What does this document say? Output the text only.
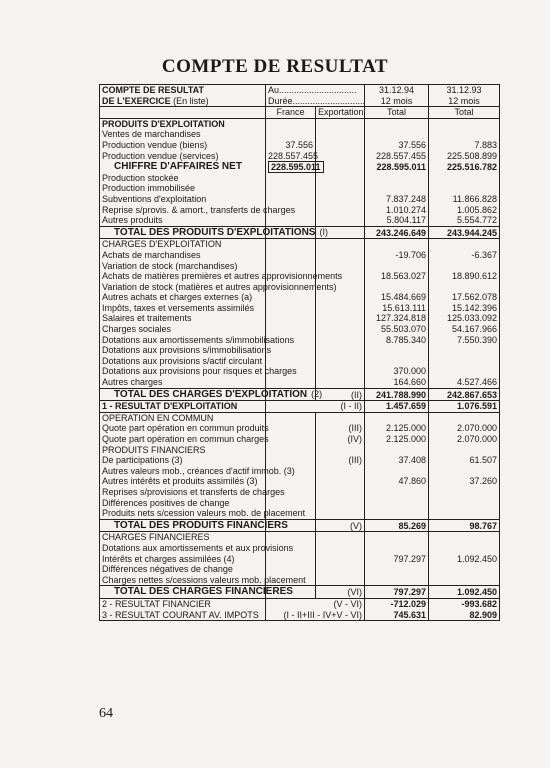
COMPTE DE RESULTAT
COMPTE DE RESULTAT	Au...............................		31.12.94	31.12.93
DE L'EXERCICE (En liste)	Durée.............................		12 mois	12 mois
	France	Exportation	Total	Total
PRODUITS D'EXPLOITATION				
Ventes de marchandises				
Production vendue (biens)	37.556		37.556	7.883
Production vendue (services)	228.557.455		228.557.455	225.508.899
CHIFFRE D'AFFAIRES NET	228.595.011		228.595.011	225.516.782
Production stockée				
Production immobilisée				
Subventions d'exploitation			7.837.248	11.866.828
Reprise s/provis. & amort., transferts de charges			1.010.274	1.005.862
Autres produits			5.804.117	5.554.772
TOTAL DES PRODUITS D'EXPLOITATIONS (I)			243.246.649	243.944.245
CHARGES D'EXPLOITATION				
Achats de marchandises			-19.706	-6.367
Variation de stock (marchandises)				
Achats de matières premières et autres approvisionnements			18.563.027	18.890.612
Variation de stock (matières et autres approvisionnements)				
Autres achats et charges externes (a)			15.484.669	17.562.078
Impôts, taxes et versements assimilés			15.613.111	15.142.396
Salaires et traitements			127.324.818	125.033.092
Charges sociales			55.503.070	54.167.966
Dotations aux amortissements s/immobilisations			8.785.340	7.550.390
Dotations aux provisions s/immobilisations				
Dotations aux provisions s/actif circulant				
Dotations aux provisions pour risques et charges			370.000	
Autres charges			164.660	4.527.466
TOTAL DES CHARGES D'EXPLOITATION (2)		(II)	241.788.990	242.867.653
1 - RESULTAT D'EXPLOITATION	(I - II)		1.457.659	1.076.591
OPERATION EN COMMUN				
Quote part opération en commun produits		(III)	2.125.000	2.070.000
Quote part opération en commun charges		(IV)	2.125.000	2.070.000
PRODUITS FINANCIERS				
De participations (3)		(III)	37.408	61.507
Autres valeurs mob., créances d'actif immob. (3)				
Autres intérêts et produits assimilés (3)			47.860	37.260
Reprises s/provisions et transferts de charges				
Différences positives de change				
Produits nets s/cession valeurs mob. de placement				
TOTAL DES PRODUITS FINANCIERS		(V)	85.269	98.767
CHARGES FINANCIERES				
Dotations aux amortissements et aux provisions				
Intérêts et charges assimilées (4)			797.297	1.092.450
Différences négatives de change				
Charges nettes s/cessions valeurs mob. placement				
TOTAL DES CHARGES FINANCIERES		(VI)	797.297	1.092.450
2 - RESULTAT FINANCIER	(V - VI)		-712.029	-993.682
3 - RESULTAT COURANT AV. IMPOTS	(I - II+III - IV+V - VI)		745.631	82.909
64
